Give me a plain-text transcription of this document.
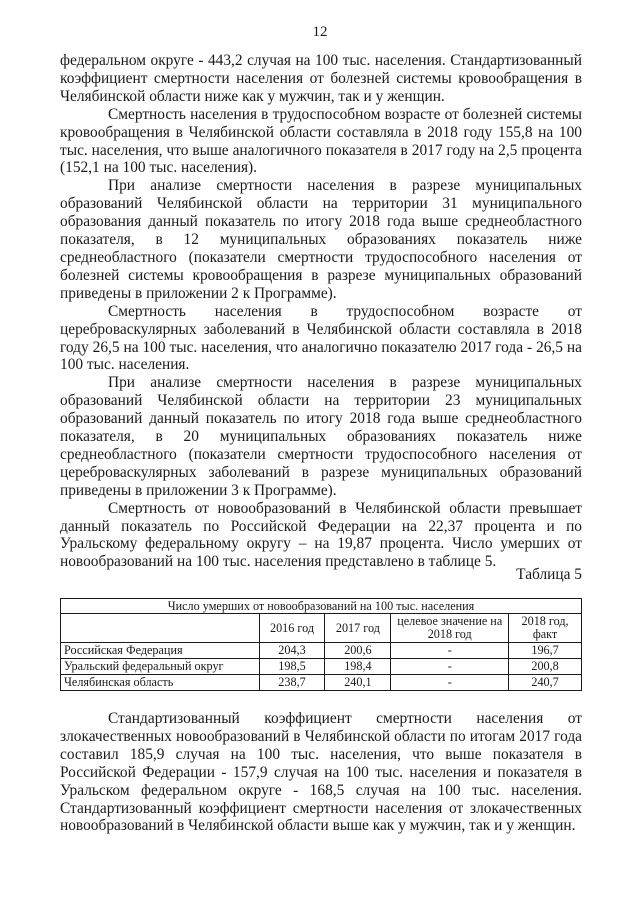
12

федеральном округе - 443,2 случая на 100 тыс. населения. Стандартизованный коэффициент смертности населения от болезней системы кровообращения в Челябинской области ниже как у мужчин, так и у женщин.

Смертность населения в трудоспособном возрасте от болезней системы кровообращения в Челябинской области составляла в 2018 году 155,8 на 100 тыс. населения, что выше аналогичного показателя в 2017 году на 2,5 процента (152,1 на 100 тыс. населения).

При анализе смертности населения в разрезе муниципальных образований Челябинской области на территории 31 муниципального образования данный показатель по итогу 2018 года выше среднеобластного показателя, в 12 муниципальных образованиях показатель ниже среднеобластного (показатели смертности трудоспособного населения от болезней системы кровообращения в разрезе муниципальных образований приведены в приложении 2 к Программе).

Смертность населения в трудоспособном возрасте от цереброваскулярных заболеваний в Челябинской области составляла в 2018 году 26,5 на 100 тыс. населения, что аналогично показателю 2017 года - 26,5 на 100 тыс. населения.

При анализе смертности населения в разрезе муниципальных образований Челябинской области на территории 23 муниципальных образований данный показатель по итогу 2018 года выше среднеобластного показателя, в 20 муниципальных образованиях показатель ниже среднеобластного (показатели смертности трудоспособного населения от цереброваскулярных заболеваний в разрезе муниципальных образований приведены в приложении 3 к Программе).

Смертность от новообразований в Челябинской области превышает данный показатель по Российской Федерации на 22,37 процента и по Уральскому федеральному округу – на 19,87 процента. Число умерших от новообразований на 100 тыс. населения представлено в таблице 5.

Таблица 5
Число умерших от новообразований на 100 тыс. населения				
	2016 год	2017 год	целевое значение на 2018 год	2018 год, факт
Российская Федерация	204,3	200,6	-	196,7
Уральский федеральный округ	198,5	198,4	-	200,8
Челябинская область	238,7	240,1	-	240,7

Стандартизованный коэффициент смертности населения от злокачественных новообразований в Челябинской области по итогам 2017 года составил 185,9 случая на 100 тыс. населения, что выше показателя в Российской Федерации - 157,9 случая на 100 тыс. населения и показателя в Уральском федеральном округе - 168,5 случая на 100 тыс. населения. Стандартизованный коэффициент смертности населения от злокачественных новообразований в Челябинской области выше как у мужчин, так и у женщин.
